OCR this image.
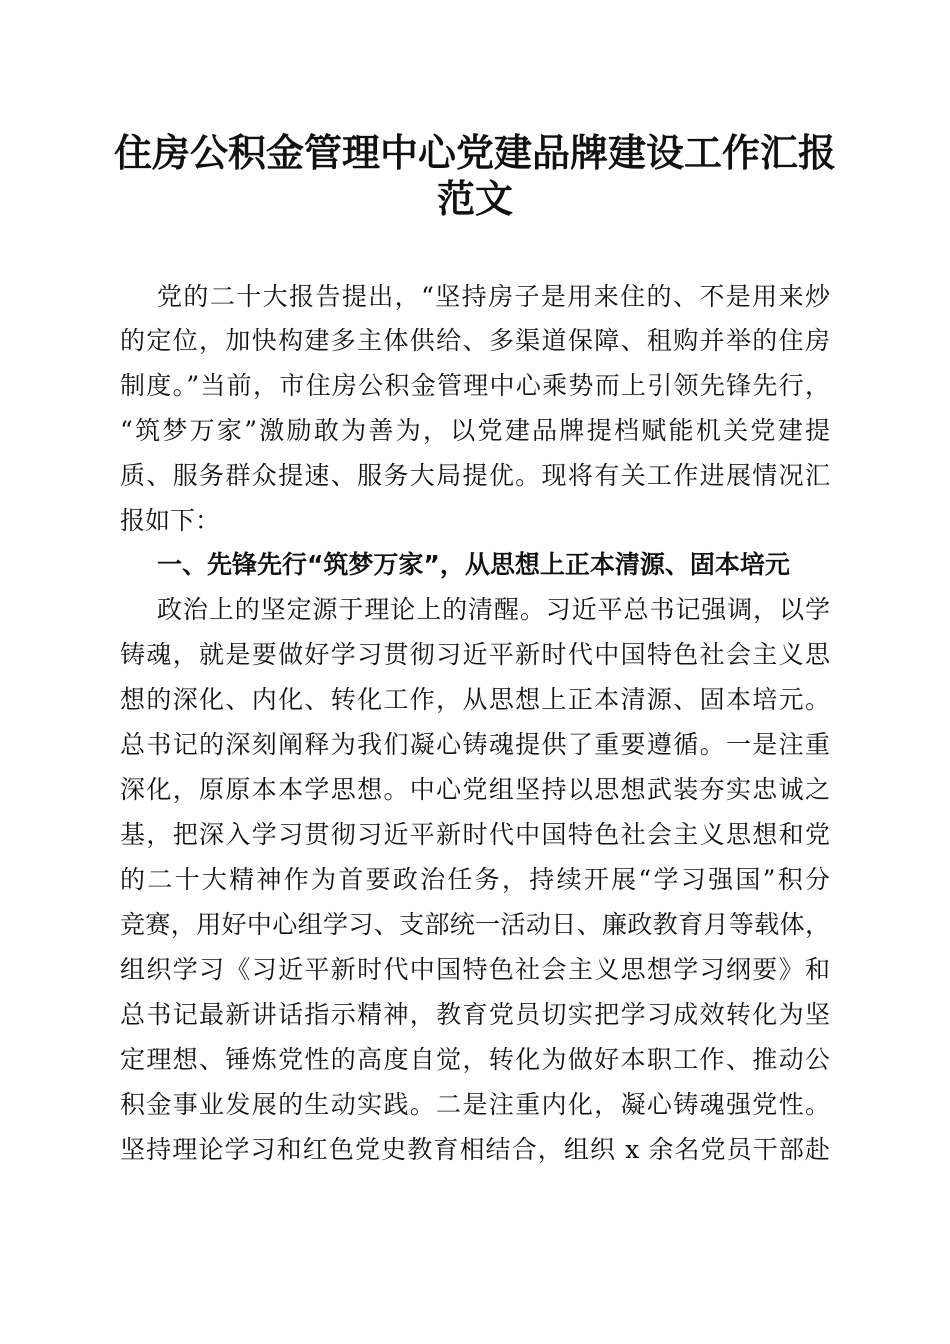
住房公积金管理中心党建品牌建设工作汇报范文
党的二十大报告提出，“坚持房子是用来住的、不是用来炒
的定位，加快构建多主体供给、多渠道保障、租购并举的住房
制度。”当前，市住房公积金管理中心乘势而上引领先锋先行，
“筑梦万家”激励敢为善为，以党建品牌提档赋能机关党建提
质、服务群众提速、服务大局提优。现将有关工作进展情况汇
报如下：
一、先锋先行“筑梦万家”，从思想上正本清源、固本培元
政治上的坚定源于理论上的清醒。习近平总书记强调，以学
铸魂，就是要做好学习贯彻习近平新时代中国特色社会主义思
想的深化、内化、转化工作，从思想上正本清源、固本培元。
总书记的深刻阐释为我们凝心铸魂提供了重要遵循。一是注重
深化，原原本本学思想。中心党组坚持以思想武装夯实忠诚之
基，把深入学习贯彻习近平新时代中国特色社会主义思想和党
的二十大精神作为首要政治任务，持续开展“学习强国”积分
竞赛，用好中心组学习、支部统一活动日、廉政教育月等载体，
组织学习《习近平新时代中国特色社会主义思想学习纲要》和
总书记最新讲话指示精神，教育党员切实把学习成效转化为坚
定理想、锤炼党性的高度自觉，转化为做好本职工作、推动公
积金事业发展的生动实践。二是注重内化，凝心铸魂强党性。
坚持理论学习和红色党史教育相结合，组织 x 余名党员干部赴
